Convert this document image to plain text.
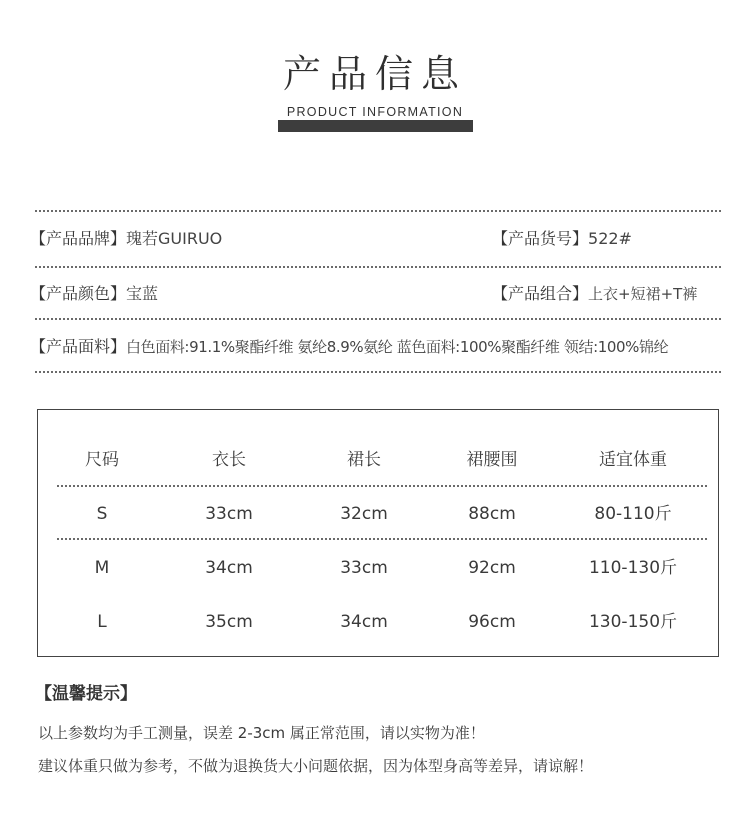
产品信息
PRODUCT INFORMATION
【产品品牌】瑰若GUIRUO	【产品货号】522#
【产品颜色】宝蓝	【产品组合】上衣+短裙+T裤
【产品面料】白色面料:91.1%聚酯纤维 氨纶8.9%氨纶 蓝色面料:100%聚酯纤维 领结:100%锦纶
尺码	衣长	裙长	裙腰围	适宜体重
S	33cm	32cm	88cm	80-110斤
M	34cm	33cm	92cm	110-130斤
L	35cm	34cm	96cm	130-150斤
【温馨提示】
以上参数均为手工测量，误差 2-3cm 属正常范围，请以实物为准！
建议体重只做为参考，不做为退换货大小问题依据，因为体型身高等差异，请谅解！
